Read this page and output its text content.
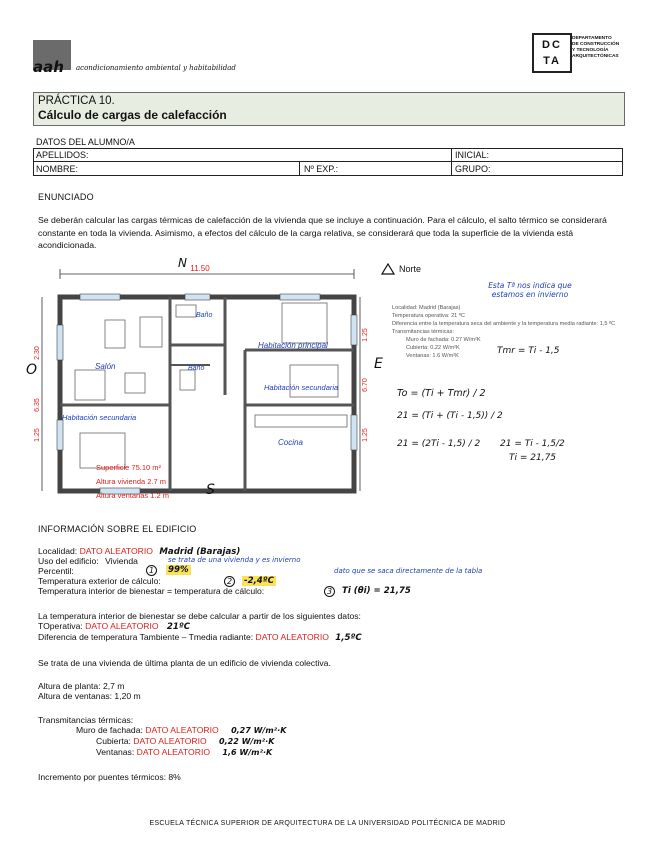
aah acondicionamiento ambiental y habitabilidad
DC
TA
DEPARTAMENTO
DE CONSTRUCCIÓN
Y TECNOLOGÍA
ARQUITECTÓNICAS
PRÁCTICA 10.
Cálculo de cargas de calefacción
DATOS DEL ALUMNO/A
APELLIDOS:	INICIAL:
NOMBRE:	Nº EXP.:	GRUPO:
ENUNCIADO
Se deberán calcular las cargas térmicas de calefacción de la vivienda que se incluye a continuación. Para el cálculo, el salto térmico se considerará constante en toda la vivienda. Asimismo, a efectos del cálculo de la carga relativa, se considerará que toda la superficie de la vivienda está acondicionada.
11.50
2.30
6.35
1.25
1.25
6.70
1.25
Baño
Baño
Salón
Habitación principal
Habitación secundaria
Habitación secundaria
Cocina
Superficie 75.10 m²
Altura vivienda 2.7 m
Altura ventanas 1.2 m
N
S
O	E
Norte
Esta Tª nos indica que estamos en invierno
Localidad: Madrid (Barajas)
Temperatura operativa: 21 ºC
Diferencia entre la temperatura seca del ambiente y la temperatura media radiante: 1,5 ºC
Transmitancias térmicas:
Muro de fachada: 0.27 W/m²K
Cubierta: 0.22 W/m²K
Ventanas: 1.6 W/m²K	Tmr = Ti - 1,5
To = (Ti + Tmr) / 2
21 = (Ti + (Ti - 1,5)) / 2
21 = (2Ti - 1,5) / 2 21 = Ti - 1,5/2
Ti = 21,75
INFORMACIÓN SOBRE EL EDIFICIO
Localidad: DATO ALEATORIO Madrid (Barajas)
Uso del edificio: Vivienda	se trata de una vivienda y es invierno
Percentil:	1	99%	dato que se saca directamente de la tabla
Temperatura exterior de cálculo:	2	-2,4ºC
Temperatura interior de bienestar = temperatura de cálculo:	3	Ti (θi) = 21,75
La temperatura interior de bienestar se debe calcular a partir de los siguientes datos:
TOperativa: DATO ALEATORIO 21ºC
Diferencia de temperatura Tambiente – Tmedia radiante: DATO ALEATORIO 1,5ºC
Se trata de una vivienda de última planta de un edificio de vivienda colectiva.
Altura de planta: 2,7 m
Altura de ventanas: 1,20 m
Transmitancias térmicas:
Muro de fachada: DATO ALEATORIO 0,27 W/m²·K
Cubierta: DATO ALEATORIO 0,22 W/m²·K
Ventanas: DATO ALEATORIO 1,6 W/m²·K
Incremento por puentes térmicos: 8%
ESCUELA TÉCNICA SUPERIOR DE ARQUITECTURA DE LA UNIVERSIDAD POLITÉCNICA DE MADRID
